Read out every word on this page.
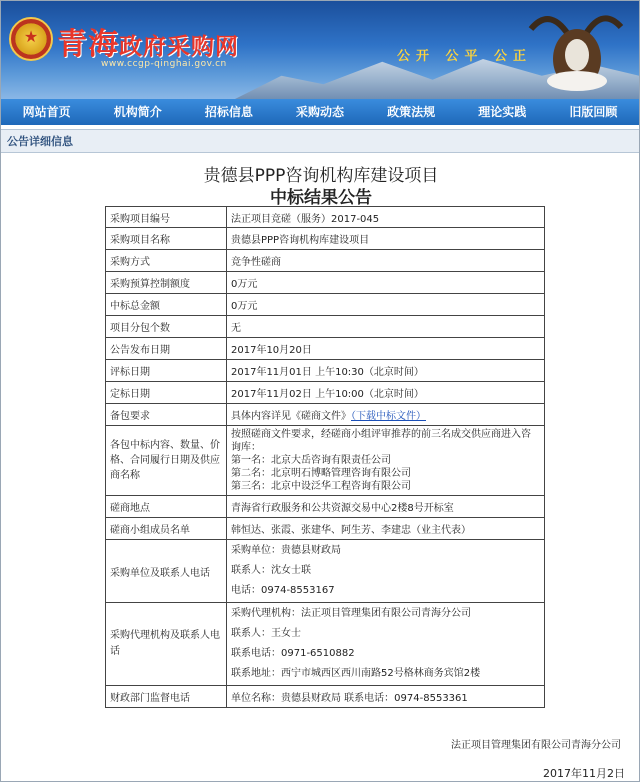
★ 青海政府采购网
www.ccgp-qinghai.gov.cn	公开 公平 公正
网站首页	机构简介	招标信息	采购动态	政策法规	理论实践	旧版回顾
公告详细信息
贵德县PPP咨询机构库建设项目
中标结果公告
采购项目编号	法正项目竞磋（服务）2017-045
采购项目名称	贵德县PPP咨询机构库建设项目
采购方式	竞争性磋商
采购预算控制额度	0万元
中标总金额	0万元
项目分包个数	无
公告发布日期	2017年10月20日
评标日期	2017年11月01日 上午10:30（北京时间）
定标日期	2017年11月02日 上午10:00（北京时间）
备包要求	具体内容详见《磋商文件》（下载中标文件）
各包中标内容、数量、价格、合同履行日期及供应商名称	按照磋商文件要求，经磋商小组评审推荐的前三名成交供应商进入咨询库：
第一名：北京大岳咨询有限责任公司
第二名：北京明石博略管理咨询有限公司
第三名：北京中设泛华工程咨询有限公司

磋商地点	青海省行政服务和公共资源交易中心2楼8号开标室
磋商小组成员名单	韩恒达、张霞、张建华、阿生芳、李建忠（业主代表）
采购单位及联系人电话	采购单位：贵德县财政局
联系人：沈女士联
电话：0974-8553167

采购代理机构及联系人电话	采购代理机构：法正项目管理集团有限公司青海分公司
联系人：王女士
联系电话：0971-6510882
联系地址：西宁市城西区西川南路52号格林商务宾馆2楼

财政部门监督电话	单位名称：贵德县财政局 联系电话：0974-8553361
法正项目管理集团有限公司青海分公司
2017年11月2日
